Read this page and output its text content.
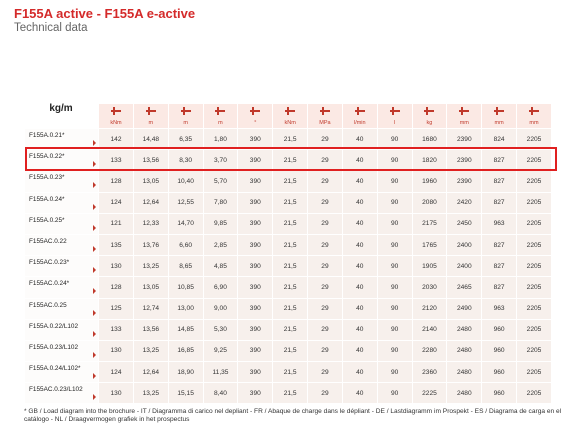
F155A active - F155A e-active
Technical data

kg/m	kNm	m	m	m	°	kNm	MPa	l/min	l	kg	mm	mm	mm

F155A.0.21*	142	14,48	6,35	1,80	390	21,5	29	40	90	1680	2390	824	2205

F155A.0.22*	133	13,56	8,30	3,70	390	21,5	29	40	90	1820	2390	827	2205

F155A.0.23*	128	13,05	10,40	5,70	390	21,5	29	40	90	1960	2390	827	2205

F155A.0.24*	124	12,64	12,55	7,80	390	21,5	29	40	90	2080	2420	827	2205

F155A.0.25*	121	12,33	14,70	9,85	390	21,5	29	40	90	2175	2450	963	2205

F155AC.0.22	135	13,76	6,60	2,85	390	21,5	29	40	90	1765	2400	827	2205

F155AC.0.23*	130	13,25	8,65	4,85	390	21,5	29	40	90	1905	2400	827	2205

F155AC.0.24*	128	13,05	10,85	6,90	390	21,5	29	40	90	2030	2465	827	2205

F155AC.0.25	125	12,74	13,00	9,00	390	21,5	29	40	90	2120	2490	963	2205

F155A.0.22/L102	133	13,56	14,85	5,30	390	21,5	29	40	90	2140	2480	960	2205

F155A.0.23/L102	130	13,25	16,85	9,25	390	21,5	29	40	90	2280	2480	960	2205

F155A.0.24/L102*	124	12,64	18,90	11,35	390	21,5	29	40	90	2360	2480	960	2205

F155AC.0.23/L102	130	13,25	15,15	8,40	390	21,5	29	40	90	2225	2480	960	2205
* GB / Load diagram into the brochure - IT / Diagramma di carico nel depliant - FR / Abaque de charge dans le dépliant - DE / Lastdiagramm im Prospekt - ES / Diagrama de carga en el catálogo - NL / Draagvermogen grafiek in het prospectus
